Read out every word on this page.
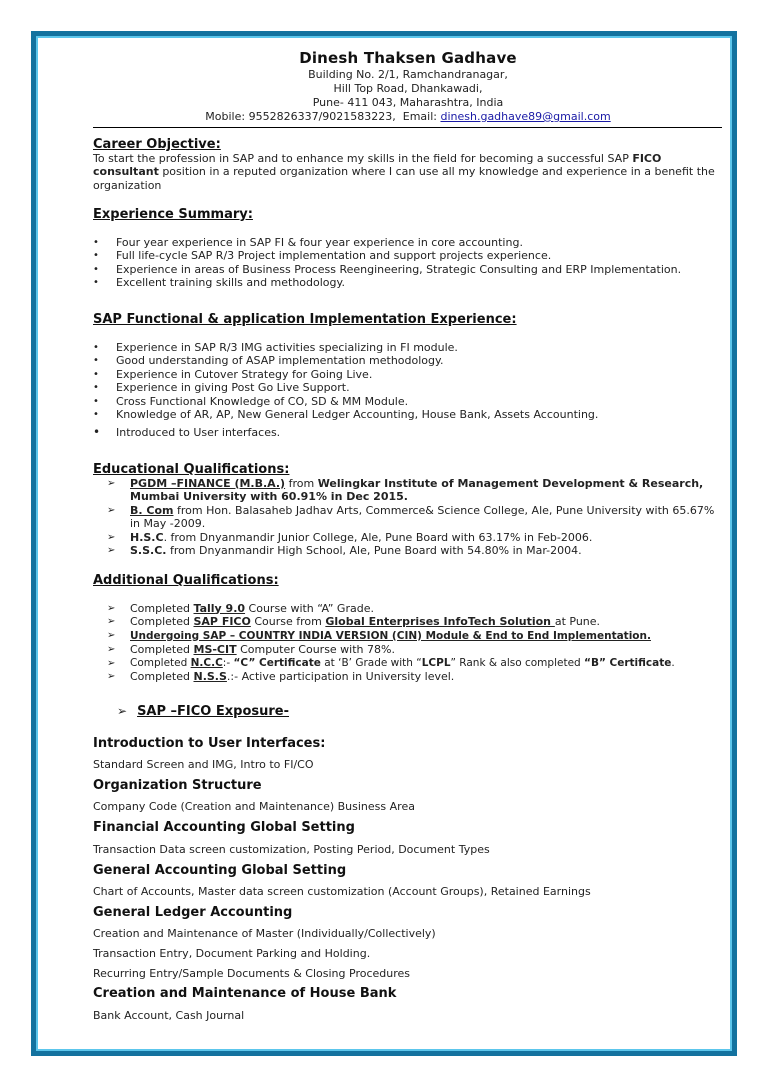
Dinesh Thaksen Gadhave
Building No. 2/1, Ramchandranagar,
Hill Top Road, Dhankawadi,
Pune- 411 043, Maharashtra, India
Mobile: 9552826337/9021583223,  Email: dinesh.gadhave89@gmail.com
Career Objective:

To start the profession in SAP and to enhance my skills in the field for becoming a successful SAP FICO consultant position in a reputed organization where I can use all my knowledge and experience in a benefit the organization

Experience Summary:
• Four year experience in SAP FI & four year experience in core accounting.
• Full life-cycle SAP R/3 Project implementation and support projects experience.
• Experience in areas of Business Process Reengineering, Strategic Consulting and ERP Implementation.
• Excellent training skills and methodology.
SAP Functional & application Implementation Experience:
• Experience in SAP R/3 IMG activities specializing in FI module.
• Good understanding of ASAP implementation methodology.
• Experience in Cutover Strategy for Going Live.
• Experience in giving Post Go Live Support.
• Cross Functional Knowledge of CO, SD & MM Module.
• Knowledge of AR, AP, New General Ledger Accounting, House Bank, Assets Accounting.
• Introduced to User interfaces.
Educational Qualifications:
➢ PGDM –FINANCE (M.B.A.) from Welingkar Institute of Management Development & Research, Mumbai University with 60.91% in Dec 2015.
➢ B. Com from Hon. Balasaheb Jadhav Arts, Commerce& Science College, Ale, Pune University with 65.67% in May -2009.
➢ H.S.C. from Dnyanmandir Junior College, Ale, Pune Board with 63.17% in Feb-2006.
➢ S.S.C. from Dnyanmandir High School, Ale, Pune Board with 54.80% in Mar-2004.
Additional Qualifications:
➢ Completed Tally 9.0 Course with “A” Grade.
➢ Completed SAP FICO Course from Global Enterprises InfoTech Solution at Pune.
➢ Undergoing SAP – COUNTRY INDIA VERSION (CIN) Module & End to End Implementation.
➢ Completed MS-CIT Computer Course with 78%.
➢ Completed N.C.C:- “C” Certificate at ‘B’ Grade with “LCPL” Rank & also completed “B” Certificate.
➢ Completed N.S.S.:- Active participation in University level.
➢ SAP –FICO Exposure-
Introduction to User Interfaces:
Standard Screen and IMG, Intro to FI/CO
Organization Structure
Company Code (Creation and Maintenance) Business Area
Financial Accounting Global Setting
Transaction Data screen customization, Posting Period, Document Types
General Accounting Global Setting
Chart of Accounts, Master data screen customization (Account Groups), Retained Earnings
General Ledger Accounting
Creation and Maintenance of Master (Individually/Collectively)
Transaction Entry, Document Parking and Holding.
Recurring Entry/Sample Documents & Closing Procedures
Creation and Maintenance of House Bank
Bank Account, Cash Journal
